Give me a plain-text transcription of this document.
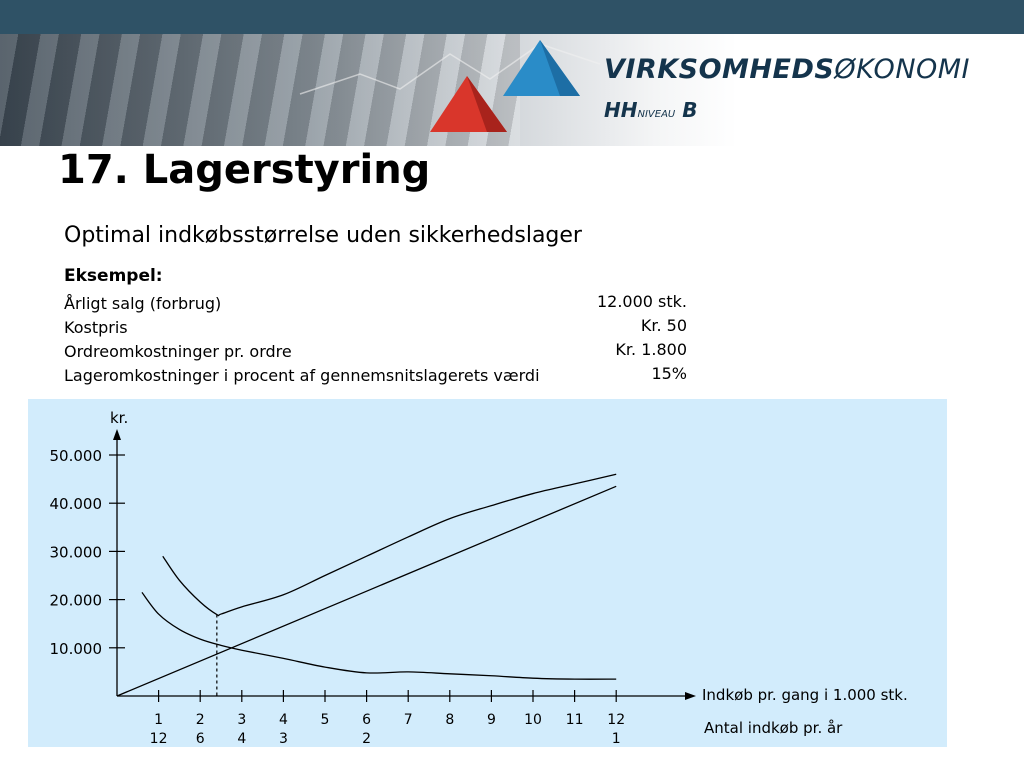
VIRKSOMHEDSØKONOMI
HHNIVEAU B
17. Lagerstyring
Optimal indkøbsstørrelse uden sikkerhedslager
Eksempel:
Årligt salg (forbrug)	12.000 stk.
Kostpris	Kr. 50
Ordreomkostninger pr. ordre	Kr. 1.800
Lageromkostninger i procent af gennemsnitslagerets værdi	15%
kr.
10.000
20.000
30.000
40.000
50.000
1
12
2
6
3
4
4
3
5 6
2
7 8 9 10 11 12
1
Indkøb pr. gang i 1.000 stk.
Antal indkøb pr. år
